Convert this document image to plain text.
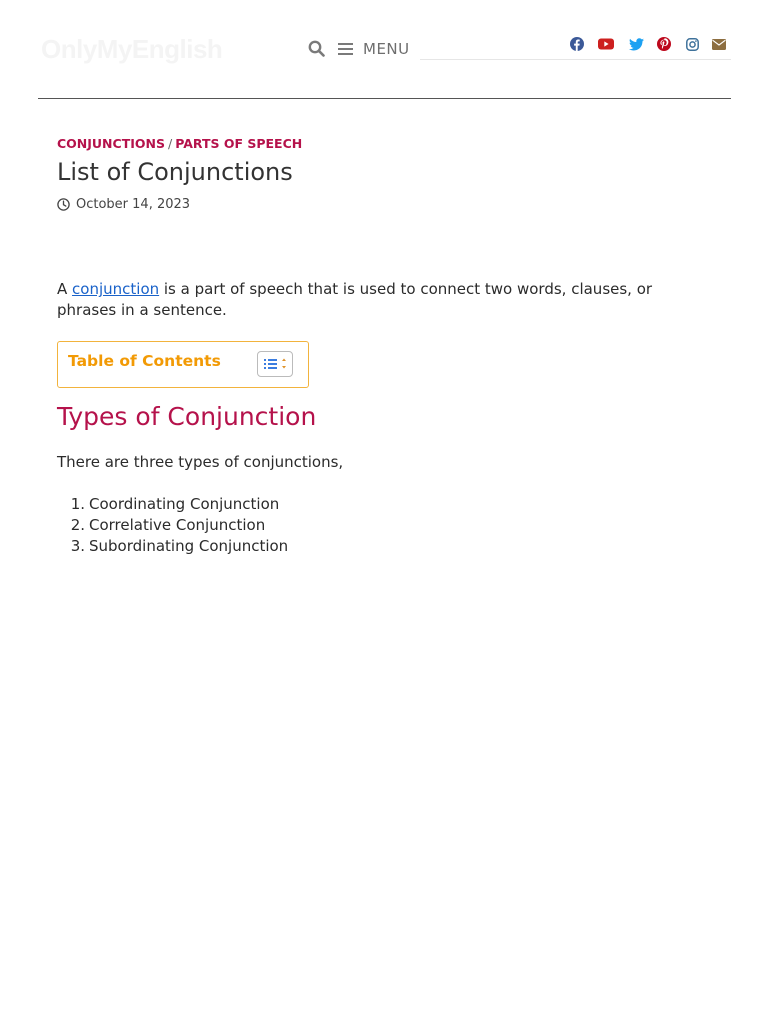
OnlyMyEnglish	MENU
CONJUNCTIONS / PARTS OF SPEECH
List of Conjunctions
October 14, 2023

A conjunction is a part of speech that is used to connect two words, clauses, or phrases in a sentence.

Table of Contents
Types of Conjunction

There are three types of conjunctions,

1. Coordinating Conjunction
2. Correlative Conjunction
3. Subordinating Conjunction
